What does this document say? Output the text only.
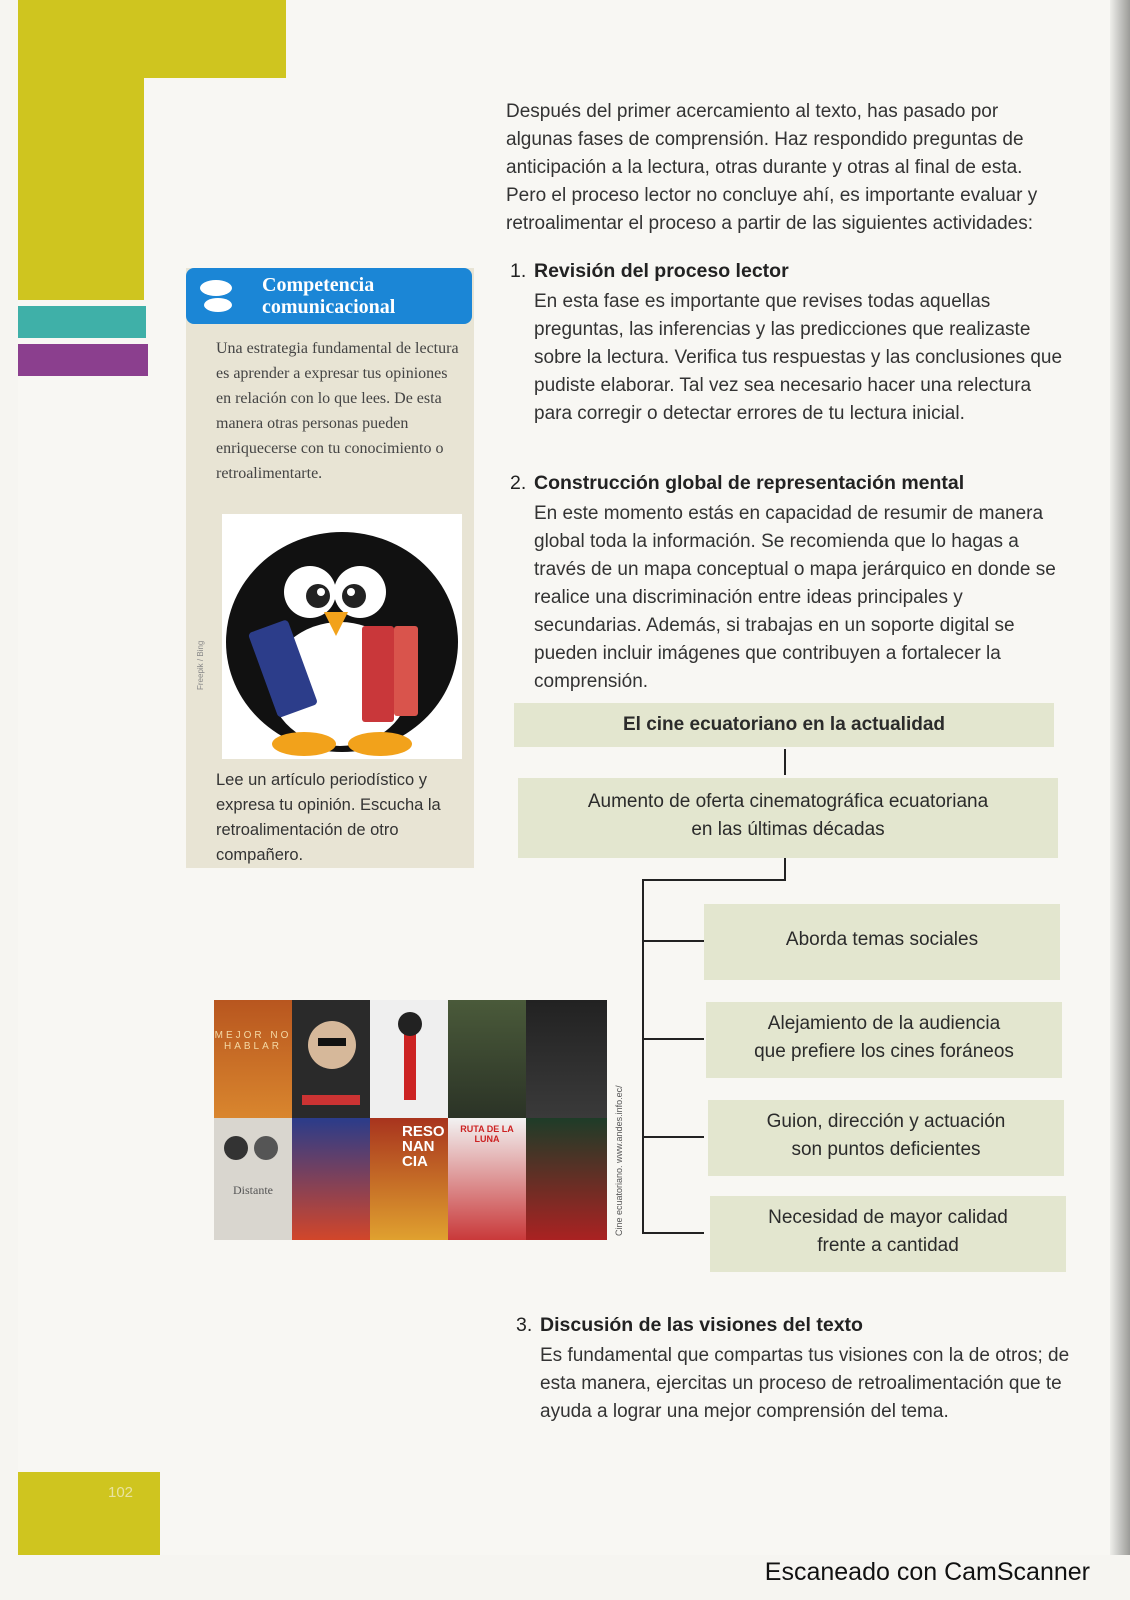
102

Después del primer acercamiento al texto, has pasado por algunas fases de comprensión. Haz respondido preguntas de anticipación a la lectura, otras durante y otras al final de esta. Pero el proceso lector no concluye ahí, es importante evaluar y retroalimentar el proceso a partir de las siguientes actividades:

1. Revisión del proceso lector

En esta fase es importante que revises todas aquellas preguntas, las inferencias y las predicciones que realizaste sobre la lectura. Verifica tus respuestas y las conclusiones que pudiste elaborar. Tal vez sea necesario hacer una relectura para corregir o detectar errores de tu lectura inicial.

2. Construcción global de representación mental

En este momento estás en capacidad de resumir de manera global toda la información. Se recomienda que lo hagas a través de un mapa conceptual o mapa jerárquico en donde se realice una discriminación entre ideas principales y secundarias. Además, si trabajas en un soporte digital se pueden incluir imágenes que contribuyen a fortalecer la comprensión.

Competencia
comunicacional
Una estrategia fundamental de lectura es aprender a expresar tus opiniones en relación con lo que lees. De esta manera otras personas pueden enriquecerse con tu conocimiento o retroalimentarte.
Freepik / Bing
Lee un artículo periodístico y expresa tu opinión. Escucha la retroalimentación de otro compañero.
El cine ecuatoriano en la actualidad
Aumento de oferta cinematográfica ecuatoriana
en las últimas décadas
Aborda temas sociales
Alejamiento de la audiencia
que prefiere los cines foráneos
Guion, dirección y actuación
son puntos deficientes
Necesidad de mayor calidad
frente a cantidad
MEJOR NO HABLAR
Distante
RESO NAN CIA
RUTA DE LA LUNA	Cine ecuatoriano. www.andes.info.ec/

3. Discusión de las visiones del texto

Es fundamental que compartas tus visiones con la de otros; de esta manera, ejercitas un proceso de retroalimentación que te ayuda a lograr una mejor comprensión del tema.

Escaneado con CamScanner
